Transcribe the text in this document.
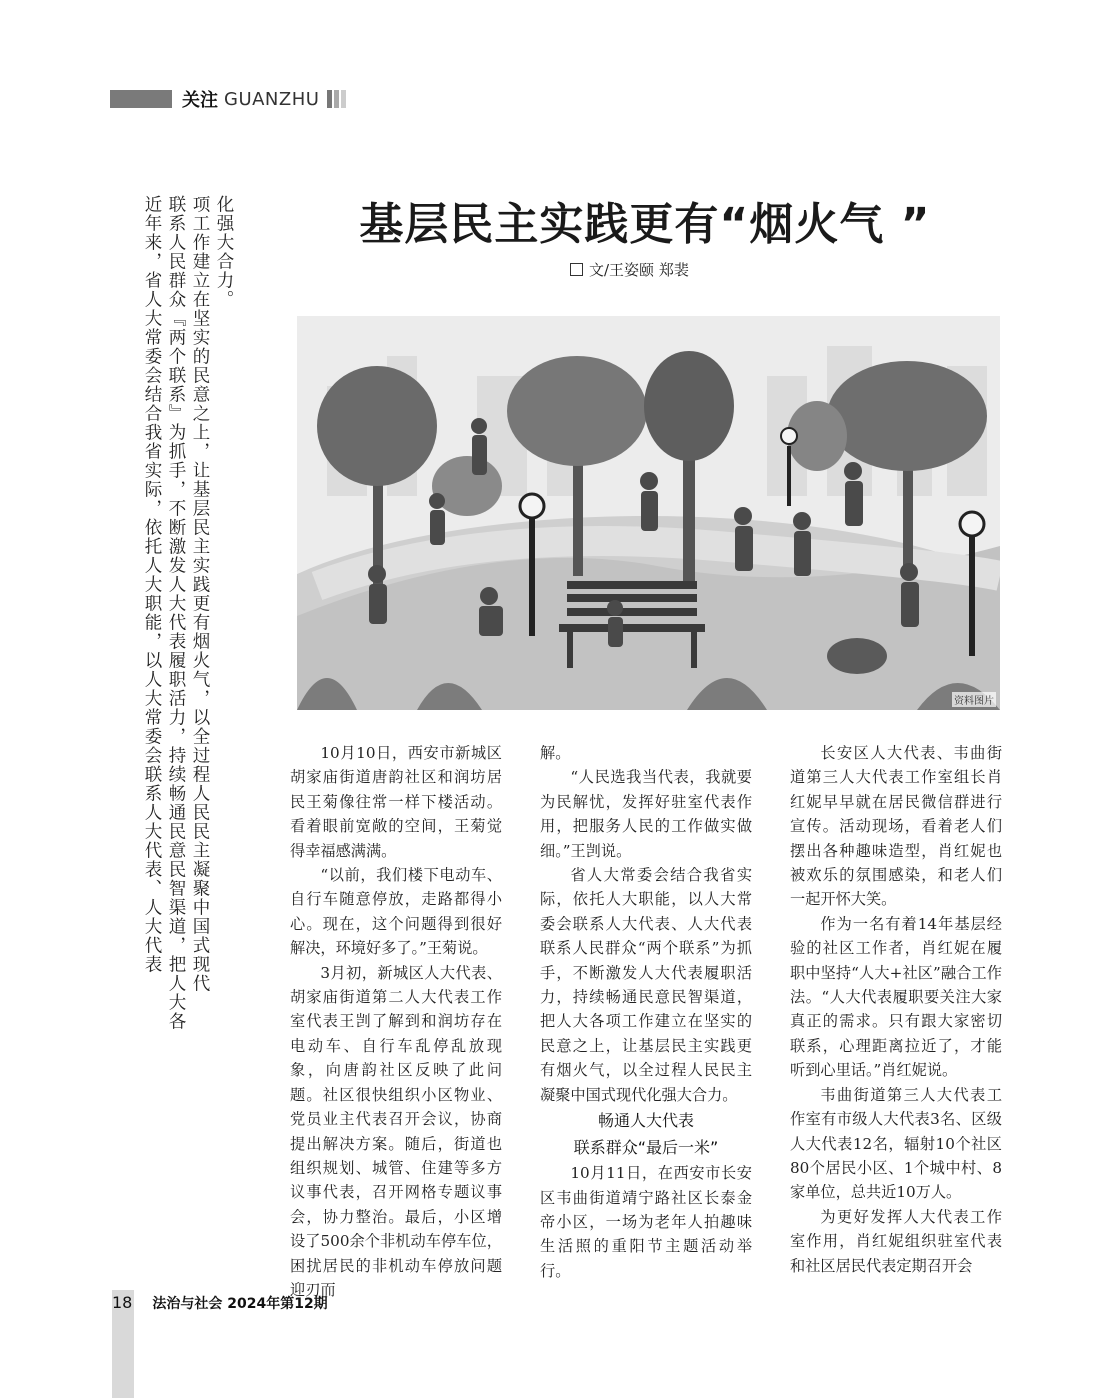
关注 GUANZHU
近年来，省人大常委会结合我省实际，依托人大职能，以人大常委会联系人大代表、人大代表 联系人民群众『两个联系』为抓手，不断激发人大代表履职活力，持续畅通民意民智渠道，把人大各 项工作建立在坚实的民意之上，让基层民主实践更有烟火气，以全过程人民民主凝聚中国式现代 化强大合力。	基层民主实践更有“烟火气 ”
文/王姿颐 郑裴
资料图片

10月10日，西安市新城区胡家庙街道唐韵社区和润坊居民王菊像往常一样下楼活动。看着眼前宽敞的空间，王菊觉得幸福感满满。

“以前，我们楼下电动车、自行车随意停放，走路都得小心。现在，这个问题得到很好解决，环境好多了。”王菊说。

3月初，新城区人大代表、胡家庙街道第二人大代表工作室代表王剀了解到和润坊存在电动车、自行车乱停乱放现象，向唐韵社区反映了此问题。社区很快组织小区物业、党员业主代表召开会议，协商提出解决方案。随后，街道也组织规划、城管、住建等多方议事代表，召开网格专题议事会，协力整治。最后，小区增设了500余个非机动车停车位，困扰居民的非机动车停放问题迎刃而

解。

“人民选我当代表，我就要为民解忧，发挥好驻室代表作用，把服务人民的工作做实做细。”王剀说。

省人大常委会结合我省实际，依托人大职能，以人大常委会联系人大代表、人大代表联系人民群众“两个联系”为抓手，不断激发人大代表履职活力，持续畅通民意民智渠道，把人大各项工作建立在坚实的民意之上，让基层民主实践更有烟火气，以全过程人民民主凝聚中国式现代化强大合力。

畅通人大代表

联系群众“最后一米”

10月11日，在西安市长安区韦曲街道靖宁路社区长泰金帝小区，一场为老年人拍趣味生活照的重阳节主题活动举行。

长安区人大代表、韦曲街道第三人大代表工作室组长肖红妮早早就在居民微信群进行宣传。活动现场，看着老人们摆出各种趣味造型，肖红妮也被欢乐的氛围感染，和老人们一起开怀大笑。

作为一名有着14年基层经验的社区工作者，肖红妮在履职中坚持“人大+社区”融合工作法。“人大代表履职要关注大家真正的需求。只有跟大家密切联系，心理距离拉近了，才能听到心里话。”肖红妮说。

韦曲街道第三人大代表工作室有市级人大代表3名、区级人大代表12名，辐射10个社区80个居民小区、1个城中村、8家单位，总共近10万人。

为更好发挥人大代表工作室作用，肖红妮组织驻室代表和社区居民代表定期召开会

18 法治与社会 2024年第12期
